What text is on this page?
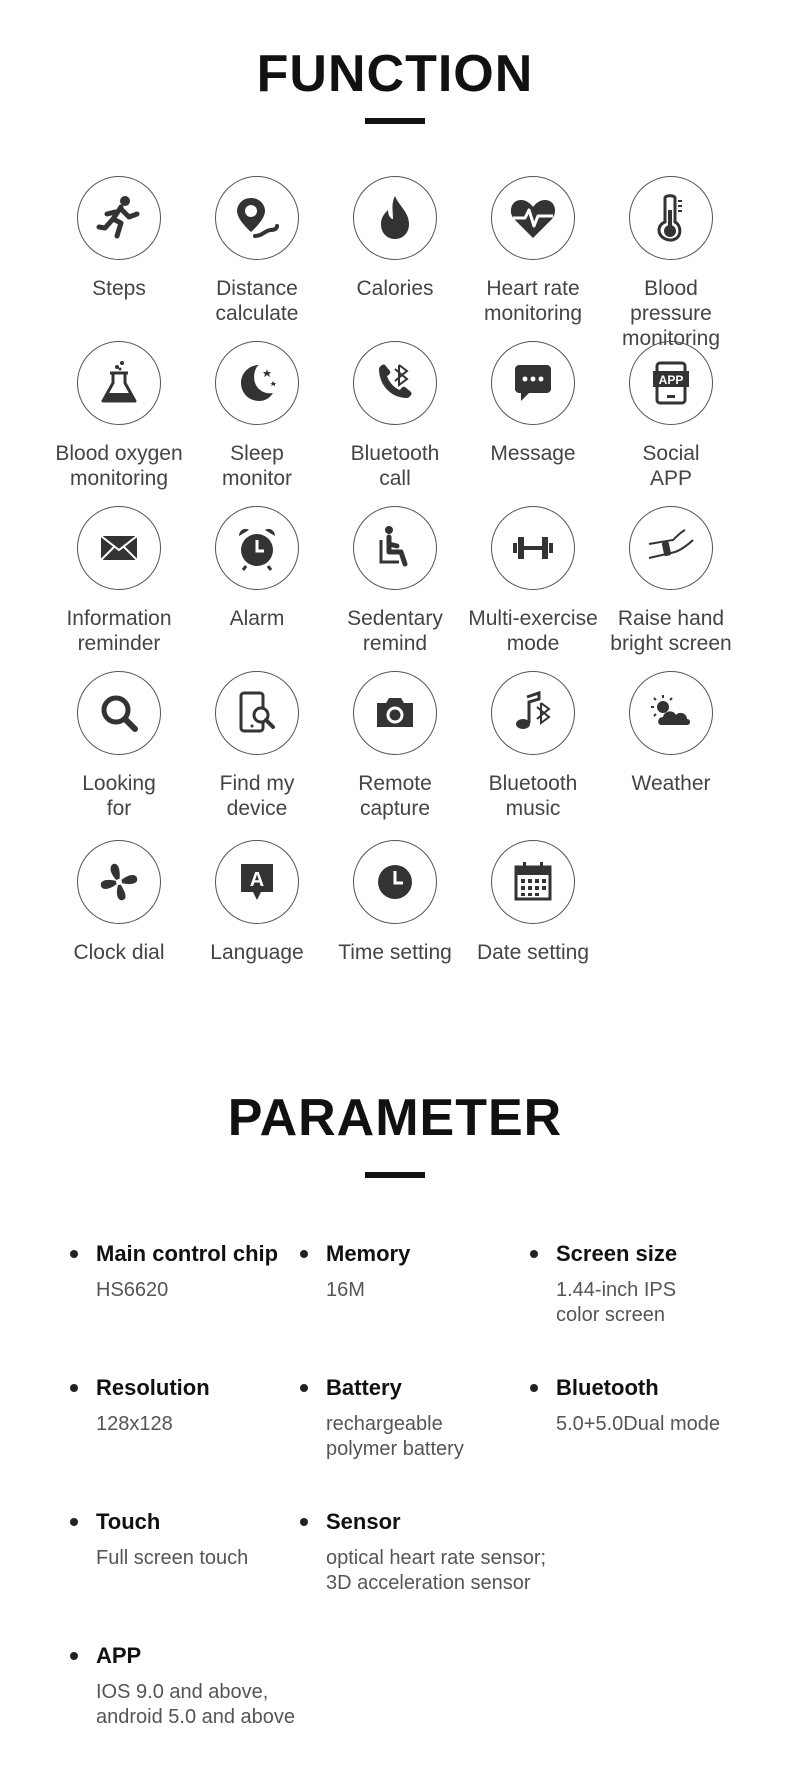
FUNCTION
Steps	Distance
calculate
Calories	Heart rate
monitoring
Blood pressure
monitoring
Blood oxygen
monitoring
Sleep
monitor
Bluetooth
call
Message
APP
Social
APP
Information
reminder
Alarm	Sedentary
remind
Multi-exercise
mode
Raise hand
bright screen
Looking
for
Find my
device
Remote
capture
Bluetooth
music
Weather
Clock dial
A
Language	Time setting	Date setting
PARAMETER
Main control chip
HS6620
Memory
16M
Screen size
1.44-inch IPS
color screen
Resolution
128x128
Battery
rechargeable
polymer battery
Bluetooth
5.0+5.0Dual mode
Touch
Full screen touch
Sensor
optical heart rate sensor;
3D acceleration sensor
APP
IOS 9.0 and above,
android 5.0 and above
